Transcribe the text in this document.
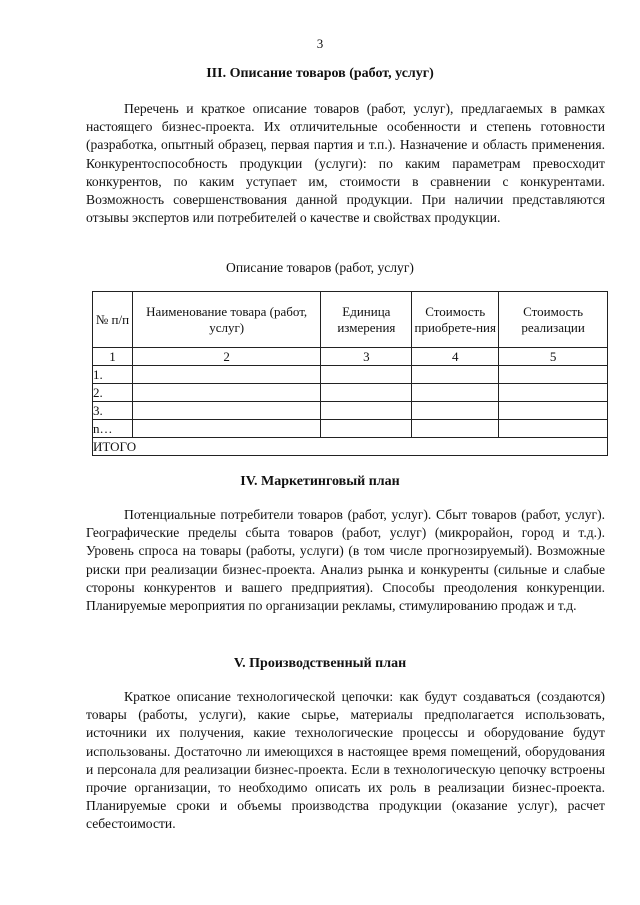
3
III. Описание товаров (работ, услуг)

Перечень и краткое описание товаров (работ, услуг), предлагаемых в рамках настоящего бизнес-проекта. Их отличительные особенности и степень готовности (разработка, опытный образец, первая партия и т.п.). Назначение и область применения. Конкурентоспособность продукции (услуги): по каким параметрам превосходит конкурентов, по каким уступает им, стоимости в сравнении с конкурентами. Возможность совершенствования данной продукции. При наличии представляются отзывы экспертов или потребителей о качестве и свойствах продукции.

Описание товаров (работ, услуг)
№ п/п	Наименование товара (работ, услуг)	Единица измерения	Стоимость приобрете-ния	Стоимость реализации
1	2	3	4	5
1.				
2.				
3.				
n…				
ИТОГО				
IV. Маркетинговый план

Потенциальные потребители товаров (работ, услуг). Сбыт товаров (работ, услуг). Географические пределы сбыта товаров (работ, услуг) (микрорайон, город и т.д.). Уровень спроса на товары (работы, услуги) (в том числе прогнозируемый). Возможные риски при реализации бизнес-проекта. Анализ рынка и конкуренты (сильные и слабые стороны конкурентов и вашего предприятия). Способы преодоления конкуренции. Планируемые мероприятия по организации рекламы, стимулированию продаж и т.д.

V. Производственный план

Краткое описание технологической цепочки: как будут создаваться (создаются) товары (работы, услуги), какие сырье, материалы предполагается использовать, источники их получения, какие технологические процессы и оборудование будут использованы. Достаточно ли имеющихся в настоящее время помещений, оборудования и персонала для реализации бизнес-проекта. Если в технологическую цепочку встроены прочие организации, то необходимо описать их роль в реализации бизнес-проекта. Планируемые сроки и объемы производства продукции (оказание услуг), расчет себестоимости.
